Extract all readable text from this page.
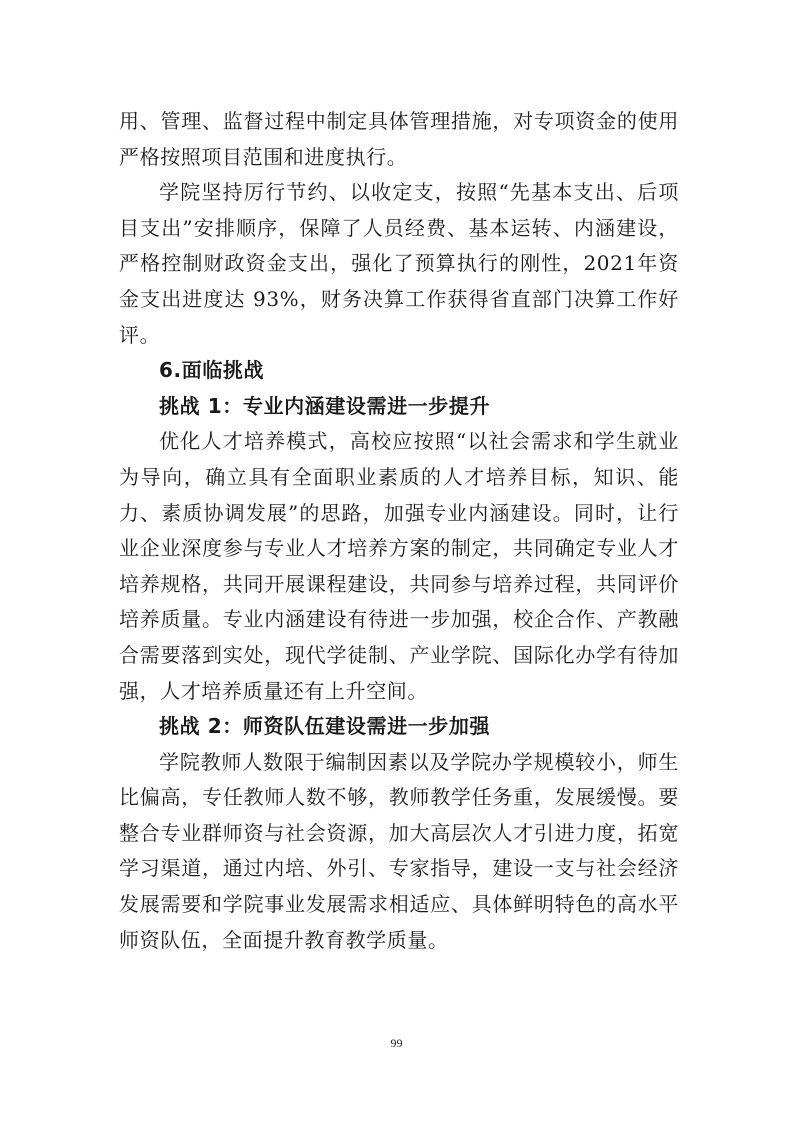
用、管理、监督过程中制定具体管理措施，对专项资金的使用严格按照项目范围和进度执行。

学院坚持厉行节约、以收定支，按照“先基本支出、后项目支出”安排顺序，保障了人员经费、基本运转、内涵建设，严格控制财政资金支出，强化了预算执行的刚性，2021年资金支出进度达 93%，财务决算工作获得省直部门决算工作好评。

6.面临挑战

挑战 1：专业内涵建设需进一步提升

优化人才培养模式，高校应按照“以社会需求和学生就业为导向，确立具有全面职业素质的人才培养目标，知识、能力、素质协调发展”的思路，加强专业内涵建设。同时，让行业企业深度参与专业人才培养方案的制定，共同确定专业人才培养规格，共同开展课程建设，共同参与培养过程，共同评价培养质量。专业内涵建设有待进一步加强，校企合作、产教融合需要落到实处，现代学徒制、产业学院、国际化办学有待加强，人才培养质量还有上升空间。

挑战 2：师资队伍建设需进一步加强

学院教师人数限于编制因素以及学院办学规模较小，师生比偏高，专任教师人数不够，教师教学任务重，发展缓慢。要整合专业群师资与社会资源，加大高层次人才引进力度，拓宽学习渠道，通过内培、外引、专家指导，建设一支与社会经济发展需要和学院事业发展需求相适应、具体鲜明特色的高水平师资队伍，全面提升教育教学质量。

99
